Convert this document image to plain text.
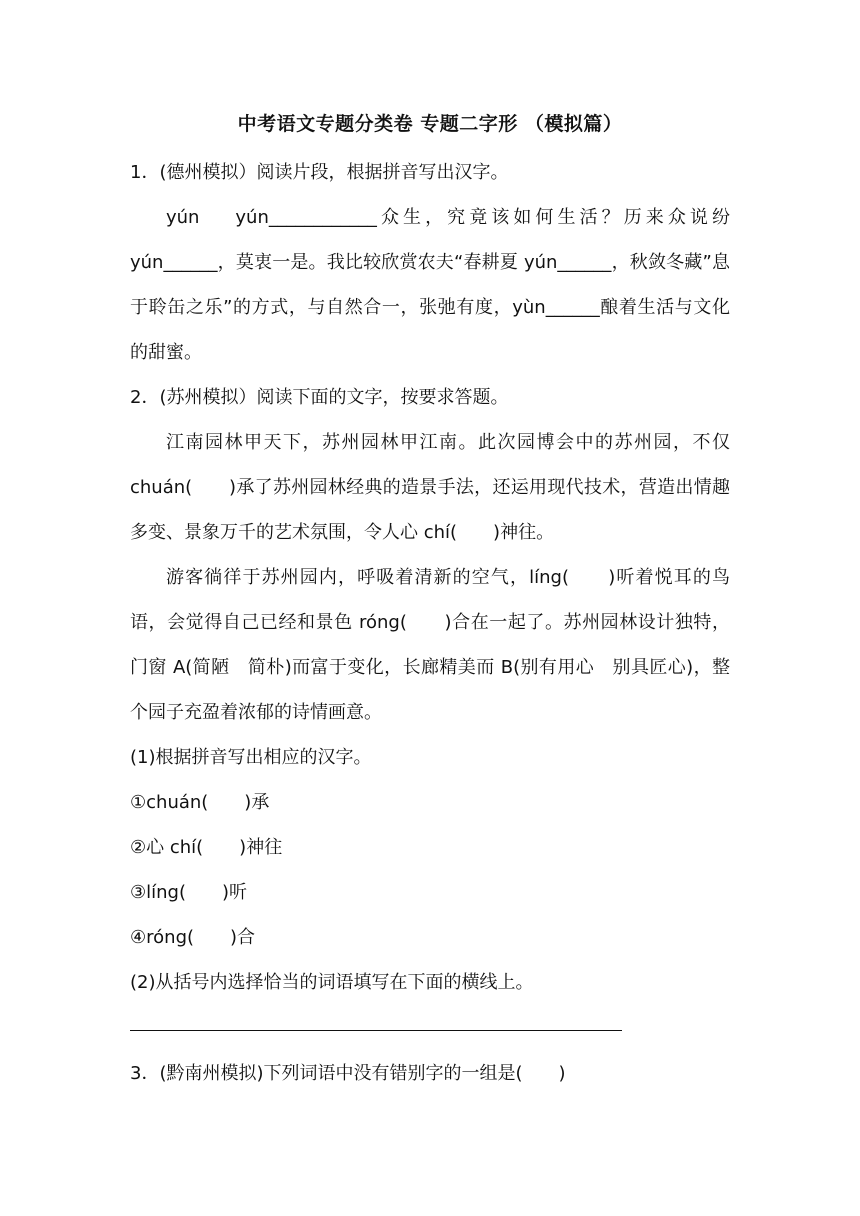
中考语文专题分类卷 专题二字形 （模拟篇）

1．(德州模拟）阅读片段，根据拼音写出汉字。

yún　 yún____________众生，究竟该如何生活？历来众说纷yún______，莫衷一是。我比较欣赏农夫“春耕夏 yún______，秋敛冬藏”息于聆缶之乐”的方式，与自然合一，张弛有度，yùn______酿着生活与文化的甜蜜。

2．(苏州模拟）阅读下面的文字，按要求答题。

江南园林甲天下，苏州园林甲江南。此次园博会中的苏州园，不仅 chuán(　　)承了苏州园林经典的造景手法，还运用现代技术，营造出情趣多变、景象万千的艺术氛围，令人心 chí(　　)神往。

游客徜徉于苏州园内，呼吸着清新的空气，líng(　　)听着悦耳的鸟语，会觉得自己已经和景色 róng(　　)合在一起了。苏州园林设计独特，门窗 A(简陋　简朴)而富于变化，长廊精美而 B(别有用心　别具匠心)，整个园子充盈着浓郁的诗情画意。

(1)根据拼音写出相应的汉字。

①chuán(　　)承

②心 chí(　　)神往

③líng(　　)听

④róng(　　)合

(2)从括号内选择恰当的词语填写在下面的横线上。

3．(黔南州模拟)下列词语中没有错别字的一组是(　　)
